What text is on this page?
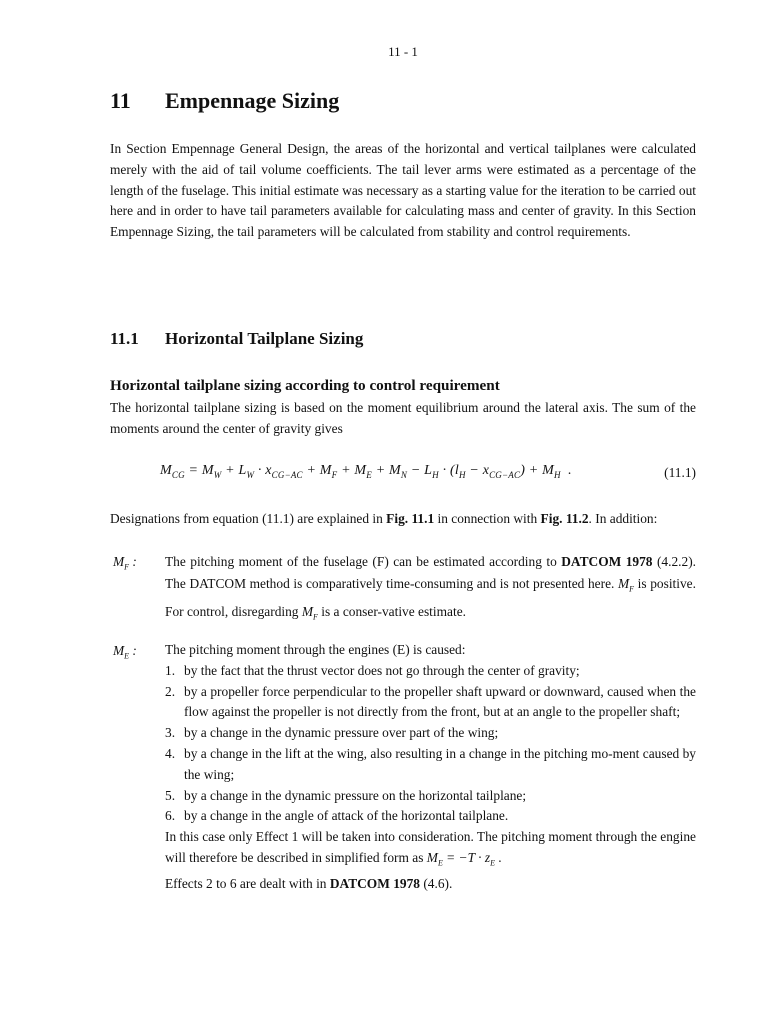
11 - 1
11 Empennage Sizing

In Section Empennage General Design, the areas of the horizontal and vertical tailplanes were calculated merely with the aid of tail volume coefficients. The tail lever arms were estimated as a percentage of the length of the fuselage. This initial estimate was necessary as a starting value for the iteration to be carried out here and in order to have tail parameters available for calculating mass and center of gravity. In this Section Empennage Sizing, the tail parameters will be calculated from stability and control requirements.

11.1 Horizontal Tailplane Sizing
Horizontal tailplane sizing according to control requirement

The horizontal tailplane sizing is based on the moment equilibrium around the lateral axis. The sum of the moments around the center of gravity gives

$M_{CG} = M_W + L_W \cdot x_{CG-AC} + M_F + M_E + M_N - L_H \cdot (l_H - x_{CG-AC}) + M_H$  .	(11.1)

Designations from equation (11.1) are explained in Fig. 11.1 in connection with Fig. 11.2. In addition:

$M_F$ : The pitching moment of the fuselage (F) can be estimated according to DATCOM 1978 (4.2.2). The DATCOM method is comparatively time-consuming and is not presented here. $M_F$ is positive. For control, disregarding $M_F$ is a conser-vative estimate.
$M_E$ : The pitching moment through the engines (E) is caused:
1. by the fact that the thrust vector does not go through the center of gravity;
2. by a propeller force perpendicular to the propeller shaft upward or downward, caused when the flow against the propeller is not directly from the front, but at an angle to the propeller shaft;
3. by a change in the dynamic pressure over part of the wing;
4. by a change in the lift at the wing, also resulting in a change in the pitching mo-ment caused by the wing;
5. by a change in the dynamic pressure on the horizontal tailplane;
6. by a change in the angle of attack of the horizontal tailplane.
In this case only Effect 1 will be taken into consideration. The pitching moment through the engine will therefore be described in simplified form as $M_E = -T \cdot z_E$ .
Effects 2 to 6 are dealt with in DATCOM 1978 (4.6).
